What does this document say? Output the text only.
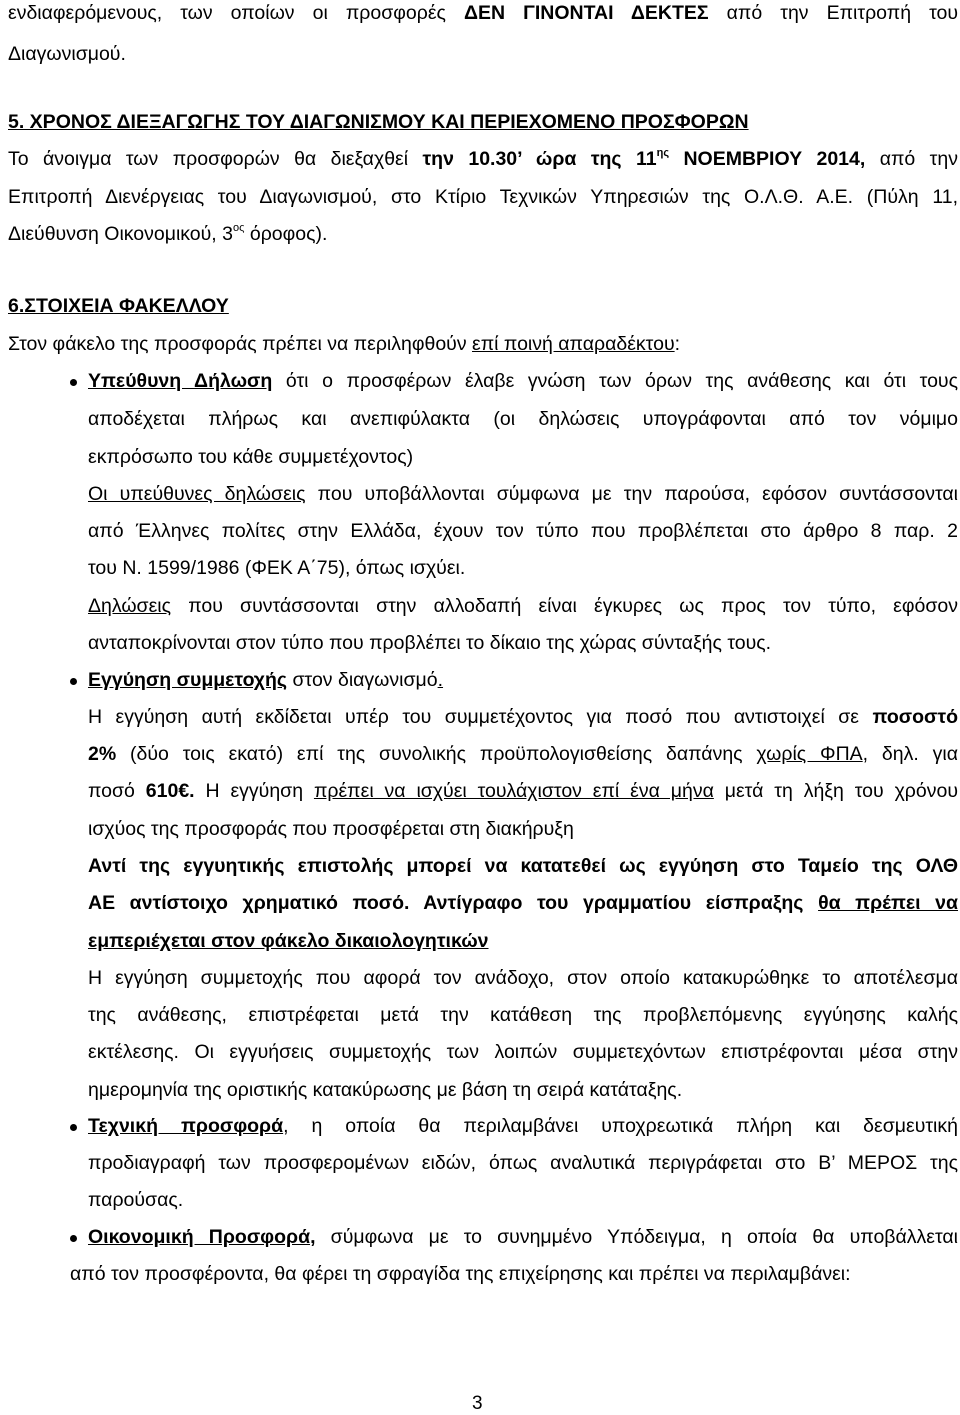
ενδιαφερόμενους, των οποίων οι προσφορές ΔΕΝ ΓΙΝΟΝΤΑΙ ΔΕΚΤΕΣ από την Επιτροπή του
Διαγωνισμού.
5. ΧΡΟΝΟΣ ΔΙΕΞΑΓΩΓΗΣ ΤΟΥ ΔΙΑΓΩΝΙΣΜΟΥ ΚΑΙ ΠΕΡΙΕΧΟΜΕΝΟ ΠΡΟΣΦΟΡΩΝ
Το άνοιγμα των προσφορών θα διεξαχθεί την 10.30’ ώρα της $11^{\eta\varsigma}$ ΝΟΕΜΒΡΙΟΥ 2014, από την
Επιτροπή Διενέργειας του Διαγωνισμού, στο Κτίριο Τεχνικών Υπηρεσιών της Ο.Λ.Θ. Α.Ε. (Πύλη 11,
Διεύθυνση Οικονομικού, $3^{o\varsigma}$ όροφος).
6.ΣΤΟΙΧΕΙΑ ΦΑΚΕΛΛΟΥ
Στον φάκελο της προσφοράς πρέπει να περιληφθούν επί ποινή απαραδέκτου:
Υπεύθυνη Δήλωση ότι ο προσφέρων έλαβε γνώση των όρων της ανάθεσης και ότι τους
αποδέχεται πλήρως και ανεπιφύλακτα (οι δηλώσεις υπογράφονται από τον νόμιμο
εκπρόσωπο του κάθε συμμετέχοντος)
Οι υπεύθυνες δηλώσεις που υποβάλλονται σύμφωνα με την παρούσα, εφόσον συντάσσονται
από Έλληνες πολίτες στην Ελλάδα, έχουν τον τύπο που προβλέπεται στο άρθρο 8 παρ. 2
του Ν. 1599/1986 (ΦΕΚ Α΄75), όπως ισχύει.
Δηλώσεις που συντάσσονται στην αλλοδαπή είναι έγκυρες ως προς τον τύπο, εφόσον
ανταποκρίνονται στον τύπο που προβλέπει το δίκαιο της χώρας σύνταξής τους.
Εγγύηση συμμετοχής στον διαγωνισμό.
Η εγγύηση αυτή εκδίδεται υπέρ του συμμετέχοντος για ποσό που αντιστοιχεί σε ποσοστό
2% (δύο τοις εκατό) επί της συνολικής προϋπολογισθείσης δαπάνης χωρίς ΦΠΑ, δηλ. για
ποσό 610€. Η εγγύηση πρέπει να ισχύει τουλάχιστον επί ένα μήνα μετά τη λήξη του χρόνου
ισχύος της προσφοράς που προσφέρεται στη διακήρυξη
Αντί της εγγυητικής επιστολής μπορεί να κατατεθεί ως εγγύηση στο Ταμείο της ΟΛΘ
ΑΕ αντίστοιχο χρηματικό ποσό. Αντίγραφο του γραμματίου είσπραξης θα πρέπει να
εμπεριέχεται στον φάκελο δικαιολογητικών
Η εγγύηση συμμετοχής που αφορά τον ανάδοχο, στον οποίο κατακυρώθηκε το αποτέλεσμα
της ανάθεσης, επιστρέφεται μετά την κατάθεση της προβλεπόμενης εγγύησης καλής
εκτέλεσης. Οι εγγυήσεις συμμετοχής των λοιπών συμμετεχόντων επιστρέφονται μέσα στην
ημερομηνία της οριστικής κατακύρωσης με βάση τη σειρά κατάταξης.
Τεχνική προσφορά, η οποία θα περιλαμβάνει υποχρεωτικά πλήρη και δεσμευτική
προδιαγραφή των προσφερομένων ειδών, όπως αναλυτικά περιγράφεται στο Β’ ΜΕΡΟΣ της
παρούσας.
Οικονομική Προσφορά, σύμφωνα με το συνημμένο Υπόδειγμα, η οποία θα υποβάλλεται
από τον προσφέροντα, θα φέρει τη σφραγίδα της επιχείρησης και πρέπει να περιλαμβάνει:
3
